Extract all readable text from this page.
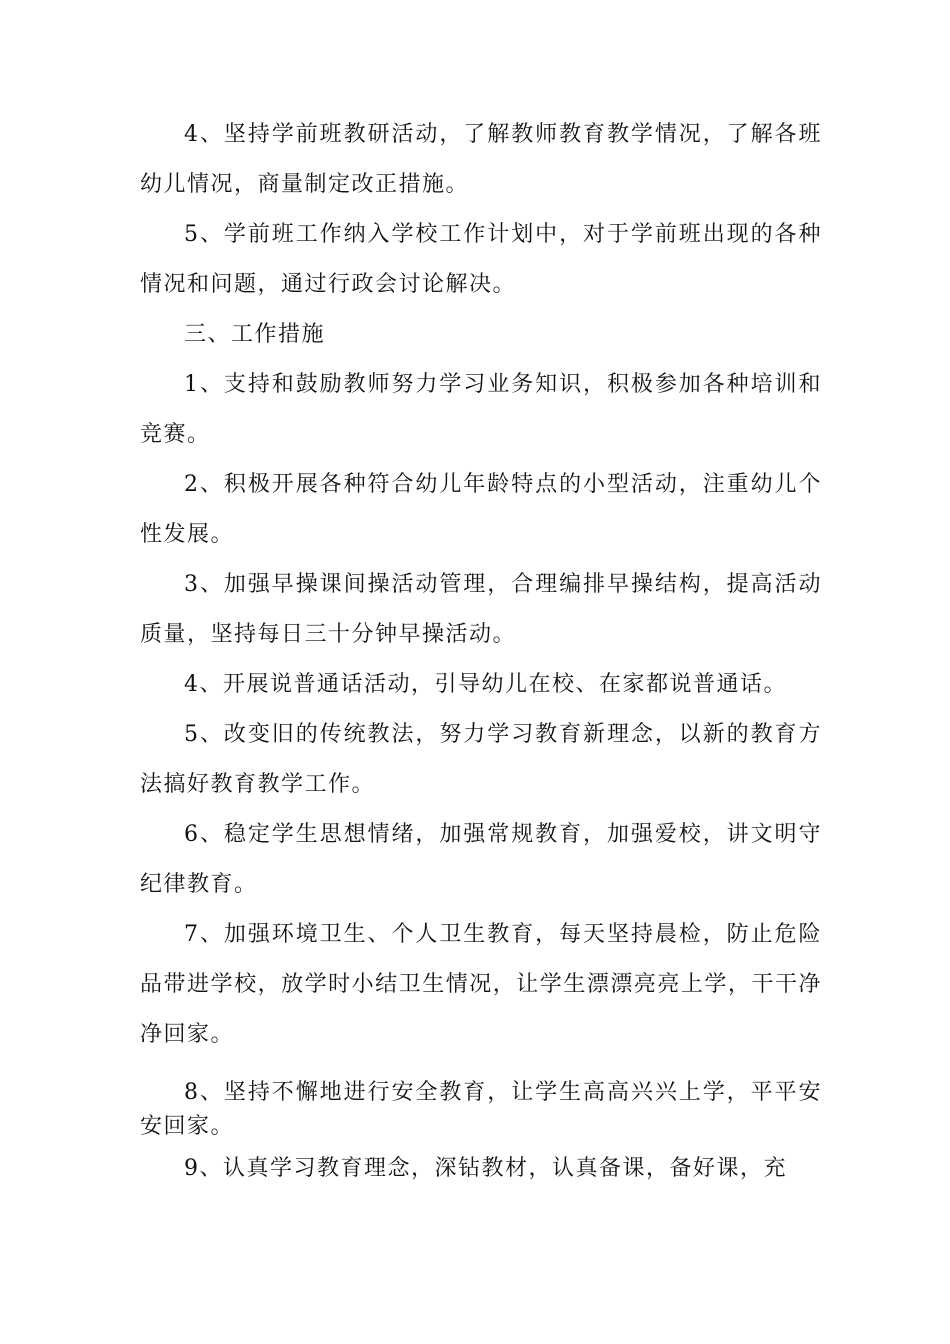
4、坚持学前班教研活动，了解教师教育教学情况，了解各班幼儿情况，商量制定改正措施。

5、学前班工作纳入学校工作计划中，对于学前班出现的各种情况和问题，通过行政会讨论解决。

三、工作措施

1、支持和鼓励教师努力学习业务知识，积极参加各种培训和竞赛。

2、积极开展各种符合幼儿年龄特点的小型活动，注重幼儿个性发展。

3、加强早操课间操活动管理，合理编排早操结构，提高活动质量，坚持每日三十分钟早操活动。

4、开展说普通话活动，引导幼儿在校、在家都说普通话。

5、改变旧的传统教法，努力学习教育新理念，以新的教育方法搞好教育教学工作。

6、稳定学生思想情绪，加强常规教育，加强爱校，讲文明守纪律教育。

7、加强环境卫生、个人卫生教育，每天坚持晨检，防止危险品带进学校，放学时小结卫生情况，让学生漂漂亮亮上学，干干净净回家。

8、坚持不懈地进行安全教育，让学生高高兴兴上学，平平安安回家。

9、认真学习教育理念，深钻教材，认真备课，备好课，充
